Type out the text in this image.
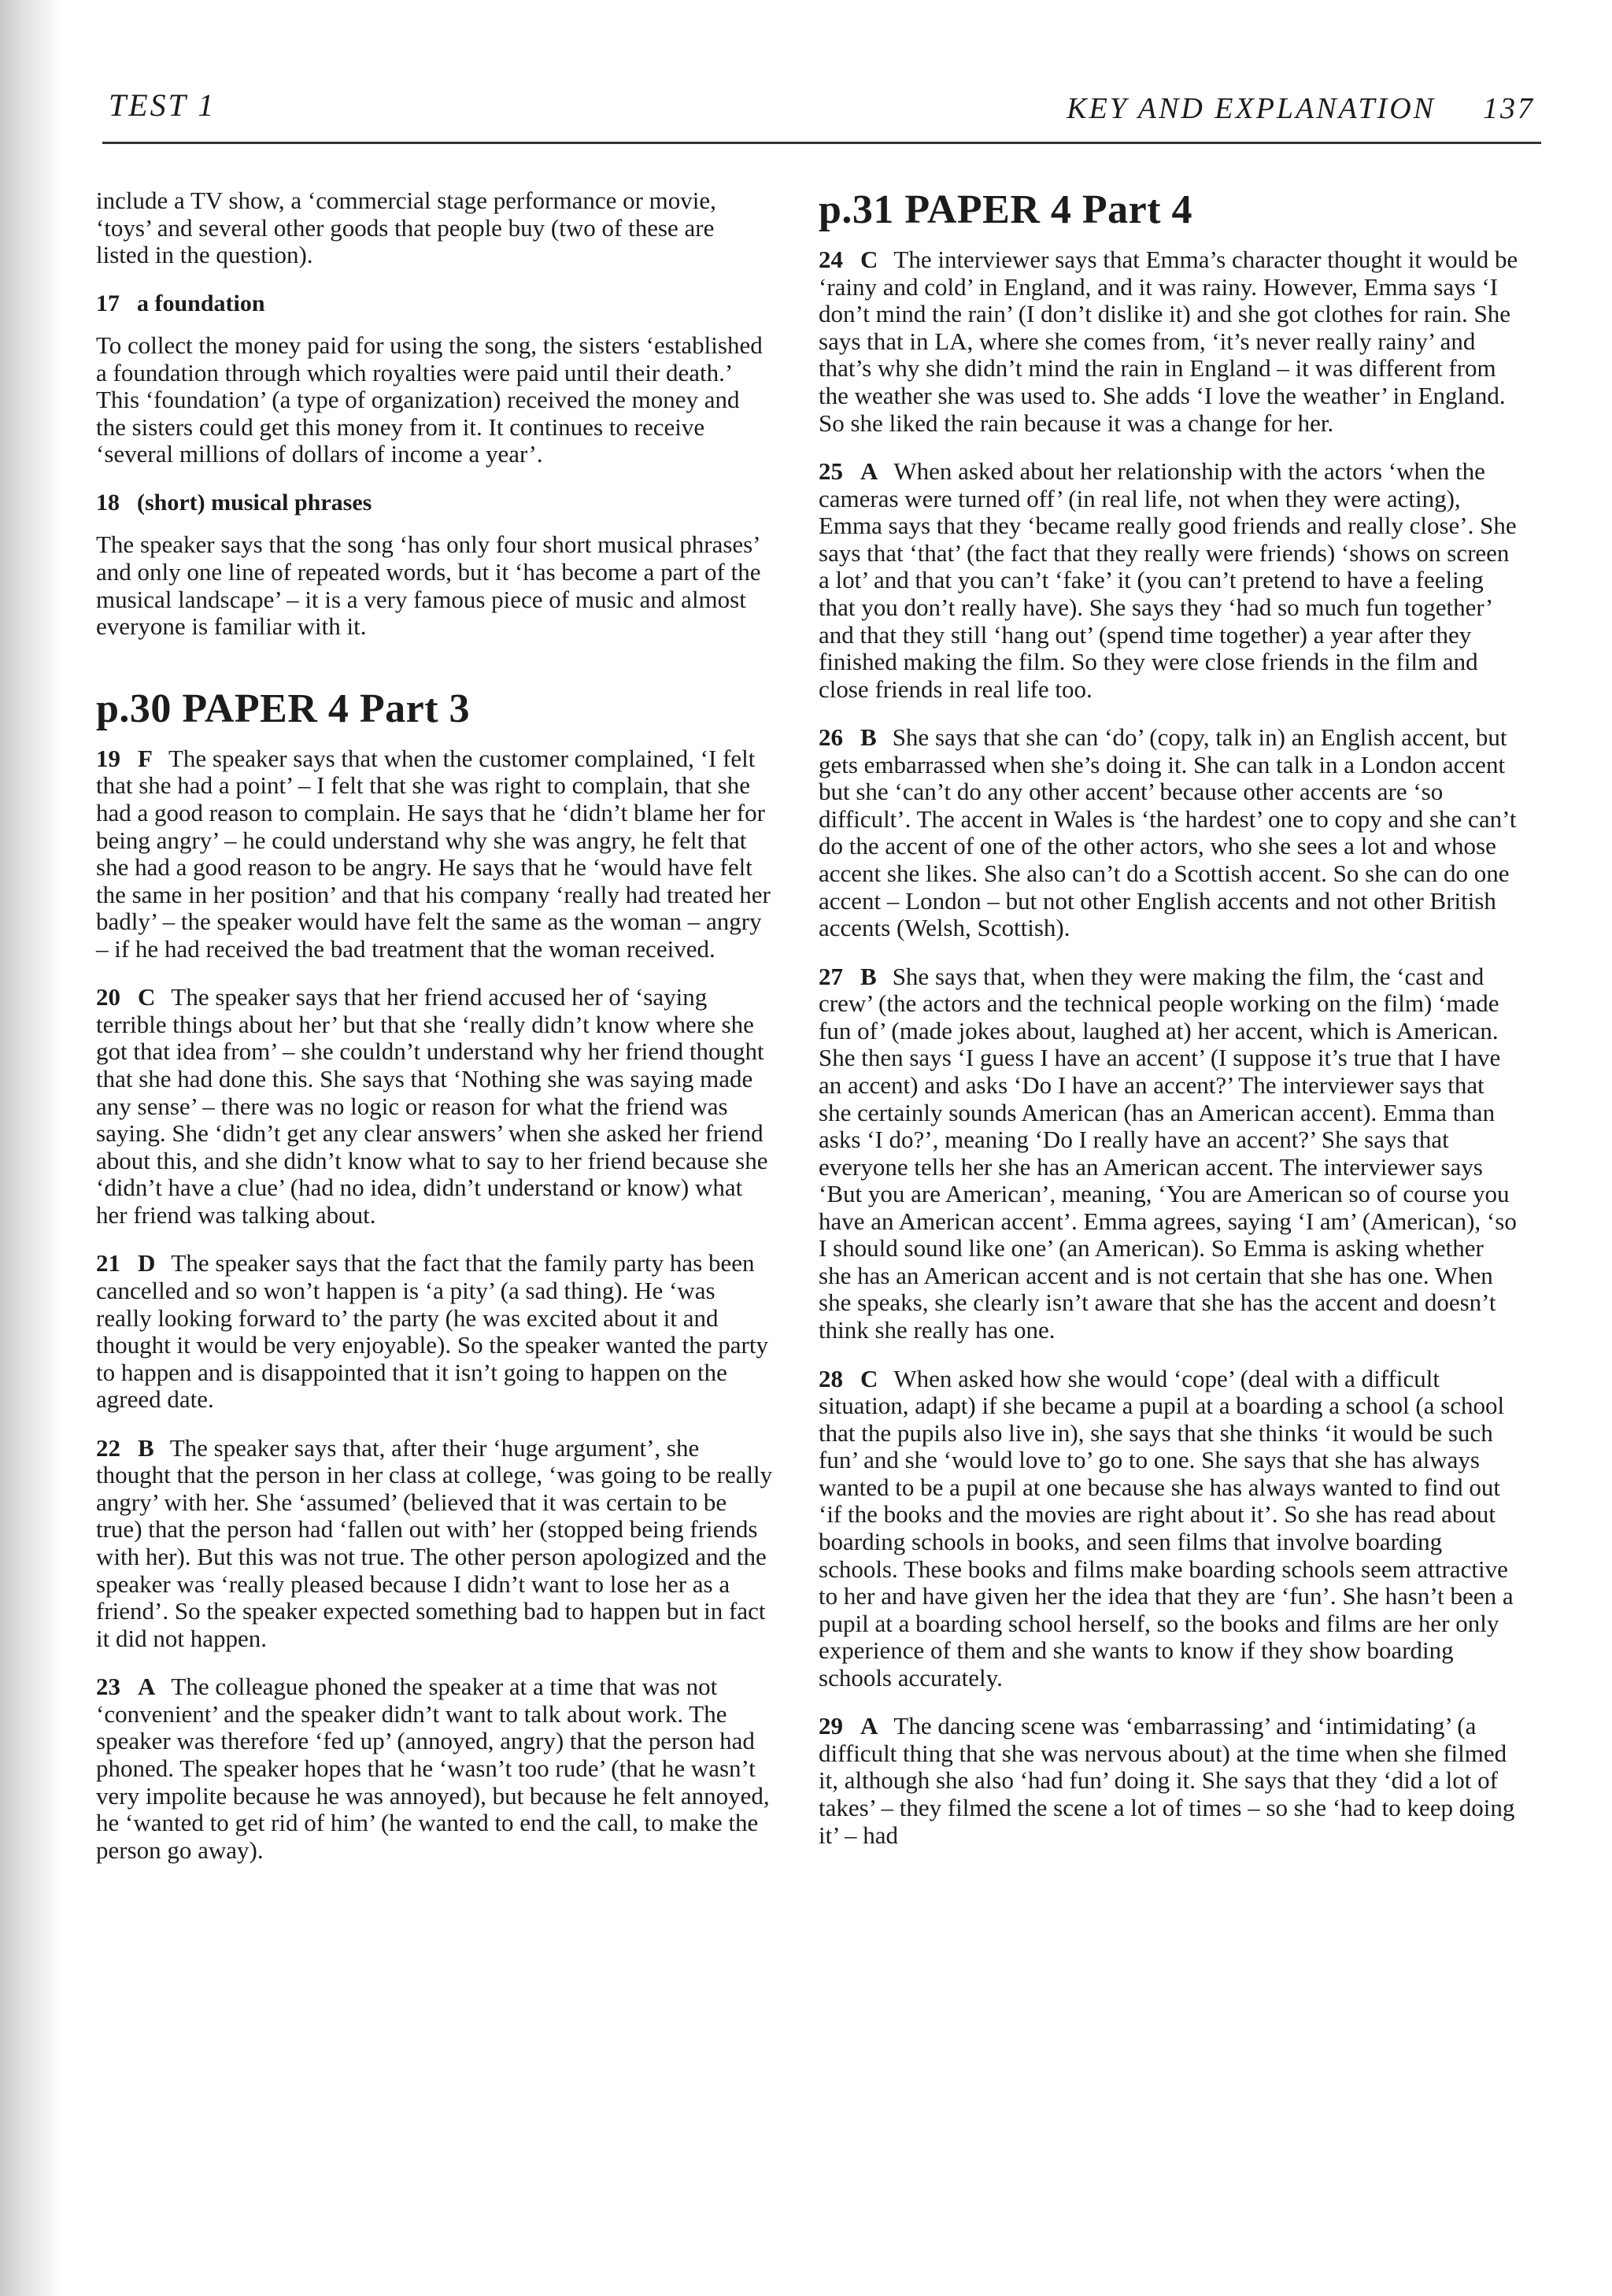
TEST 1	KEY AND EXPLANATION 137

include a TV show, a ‘commercial stage performance or movie, ‘toys’ and several other goods that people buy (two of these are listed in the question).

17 a foundation

To collect the money paid for using the song, the sisters ‘established a foundation through which royalties were paid until their death.’ This ‘foundation’ (a type of organization) received the money and the sisters could get this money from it. It continues to receive ‘several millions of dollars of income a year’.

18 (short) musical phrases

The speaker says that the song ‘has only four short musical phrases’ and only one line of repeated words, but it ‘has become a part of the musical landscape’ – it is a very famous piece of music and almost everyone is familiar with it.

p.30 PAPER 4 Part 3

19 F The speaker says that when the customer complained, ‘I felt that she had a point’ – I felt that she was right to complain, that she had a good reason to complain. He says that he ‘didn’t blame her for being angry’ – he could understand why she was angry, he felt that she had a good reason to be angry. He says that he ‘would have felt the same in her position’ and that his company ‘really had treated her badly’ – the speaker would have felt the same as the woman – angry – if he had received the bad treatment that the woman received.

20 C The speaker says that her friend accused her of ‘saying terrible things about her’ but that she ‘really didn’t know where she got that idea from’ – she couldn’t understand why her friend thought that she had done this. She says that ‘Nothing she was saying made any sense’ – there was no logic or reason for what the friend was saying. She ‘didn’t get any clear answers’ when she asked her friend about this, and she didn’t know what to say to her friend because she ‘didn’t have a clue’ (had no idea, didn’t understand or know) what her friend was talking about.

21 D The speaker says that the fact that the family party has been cancelled and so won’t happen is ‘a pity’ (a sad thing). He ‘was really looking forward to’ the party (he was excited about it and thought it would be very enjoyable). So the speaker wanted the party to happen and is disappointed that it isn’t going to happen on the agreed date.

22 B The speaker says that, after their ‘huge argument’, she thought that the person in her class at college, ‘was going to be really angry’ with her. She ‘assumed’ (believed that it was certain to be true) that the person had ‘fallen out with’ her (stopped being friends with her). But this was not true. The other person apologized and the speaker was ‘really pleased because I didn’t want to lose her as a friend’. So the speaker expected something bad to happen but in fact it did not happen.

23 A The colleague phoned the speaker at a time that was not ‘convenient’ and the speaker didn’t want to talk about work. The speaker was therefore ‘fed up’ (annoyed, angry) that the person had phoned. The speaker hopes that he ‘wasn’t too rude’ (that he wasn’t very impolite because he was annoyed), but because he felt annoyed, he ‘wanted to get rid of him’ (he wanted to end the call, to make the person go away).

p.31 PAPER 4 Part 4

24 C The interviewer says that Emma’s character thought it would be ‘rainy and cold’ in England, and it was rainy. However, Emma says ‘I don’t mind the rain’ (I don’t dislike it) and she got clothes for rain. She says that in LA, where she comes from, ‘it’s never really rainy’ and that’s why she didn’t mind the rain in England – it was different from the weather she was used to. She adds ‘I love the weather’ in England. So she liked the rain because it was a change for her.

25 A When asked about her relationship with the actors ‘when the cameras were turned off’ (in real life, not when they were acting), Emma says that they ‘became really good friends and really close’. She says that ‘that’ (the fact that they really were friends) ‘shows on screen a lot’ and that you can’t ‘fake’ it (you can’t pretend to have a feeling that you don’t really have). She says they ‘had so much fun together’ and that they still ‘hang out’ (spend time together) a year after they finished making the film. So they were close friends in the film and close friends in real life too.

26 B She says that she can ‘do’ (copy, talk in) an English accent, but gets embarrassed when she’s doing it. She can talk in a London accent but she ‘can’t do any other accent’ because other accents are ‘so difficult’. The accent in Wales is ‘the hardest’ one to copy and she can’t do the accent of one of the other actors, who she sees a lot and whose accent she likes. She also can’t do a Scottish accent. So she can do one accent – London – but not other English accents and not other British accents (Welsh, Scottish).

27 B She says that, when they were making the film, the ‘cast and crew’ (the actors and the technical people working on the film) ‘made fun of’ (made jokes about, laughed at) her accent, which is American. She then says ‘I guess I have an accent’ (I suppose it’s true that I have an accent) and asks ‘Do I have an accent?’ The interviewer says that she certainly sounds American (has an American accent). Emma than asks ‘I do?’, meaning ‘Do I really have an accent?’ She says that everyone tells her she has an American accent. The interviewer says ‘But you are American’, meaning, ‘You are American so of course you have an American accent’. Emma agrees, saying ‘I am’ (American), ‘so I should sound like one’ (an American). So Emma is asking whether she has an American accent and is not certain that she has one. When she speaks, she clearly isn’t aware that she has the accent and doesn’t think she really has one.

28 C When asked how she would ‘cope’ (deal with a difficult situation, adapt) if she became a pupil at a boarding a school (a school that the pupils also live in), she says that she thinks ‘it would be such fun’ and she ‘would love to’ go to one. She says that she has always wanted to be a pupil at one because she has always wanted to find out ‘if the books and the movies are right about it’. So she has read about boarding schools in books, and seen films that involve boarding schools. These books and films make boarding schools seem attractive to her and have given her the idea that they are ‘fun’. She hasn’t been a pupil at a boarding school herself, so the books and films are her only experience of them and she wants to know if they show boarding schools accurately.

29 A The dancing scene was ‘embarrassing’ and ‘intimidating’ (a difficult thing that she was nervous about) at the time when she filmed it, although she also ‘had fun’ doing it. She says that they ‘did a lot of takes’ – they filmed the scene a lot of times – so she ‘had to keep doing it’ – had
